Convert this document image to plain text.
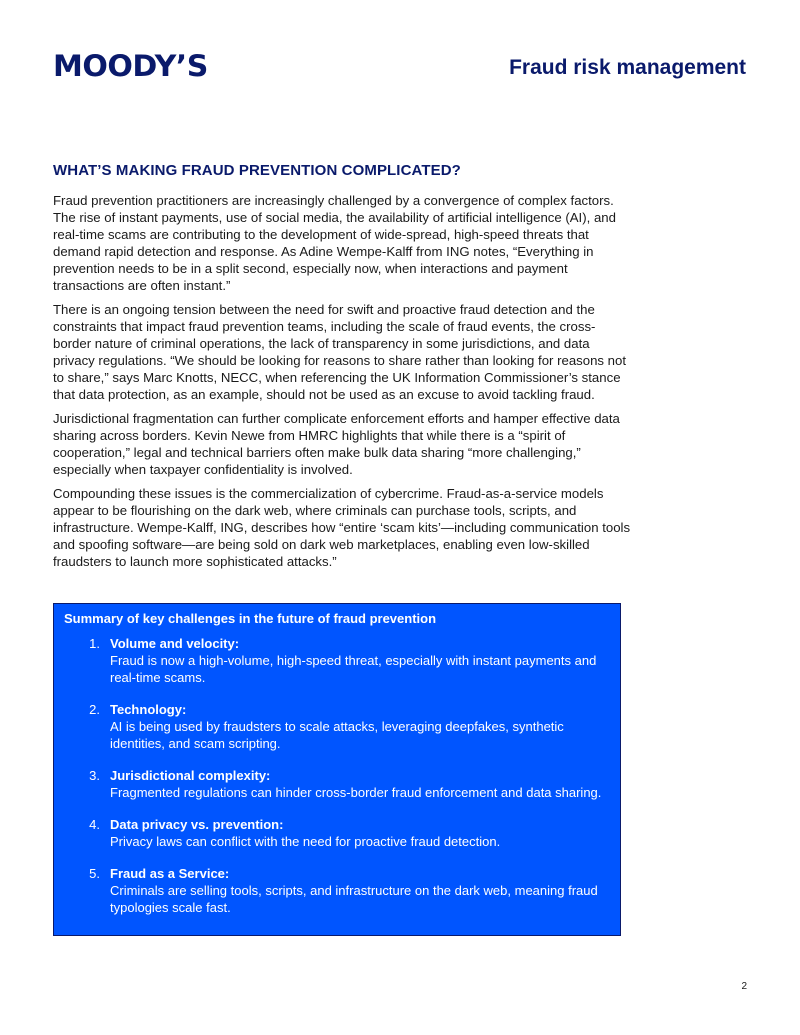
MOODY’S	Fraud risk management
WHAT’S MAKING FRAUD PREVENTION COMPLICATED?

Fraud prevention practitioners are increasingly challenged by a convergence of complex factors. The rise of instant payments, use of social media, the availability of artificial intelligence (AI), and real-time scams are contributing to the development of wide-spread, high-speed threats that demand rapid detection and response. As Adine Wempe-Kalff from ING notes, “Everything in prevention needs to be in a split second, especially now, when interactions and payment transactions are often instant.”

There is an ongoing tension between the need for swift and proactive fraud detection and the constraints that impact fraud prevention teams, including the scale of fraud events, the cross-border nature of criminal operations, the lack of transparency in some jurisdictions, and data privacy regulations. “We should be looking for reasons to share rather than looking for reasons not to share,” says Marc Knotts, NECC, when referencing the UK Information Commissioner’s stance that data protection, as an example, should not be used as an excuse to avoid tackling fraud.

Jurisdictional fragmentation can further complicate enforcement efforts and hamper effective data sharing across borders. Kevin Newe from HMRC highlights that while there is a “spirit of cooperation,” legal and technical barriers often make bulk data sharing “more challenging,” especially when taxpayer confidentiality is involved.

Compounding these issues is the commercialization of cybercrime. Fraud-as-a-service models appear to be flourishing on the dark web, where criminals can purchase tools, scripts, and infrastructure. Wempe-Kalff, ING, describes how “entire ‘scam kits’—including communication tools and spoofing software—are being sold on dark web marketplaces, enabling even low-skilled fraudsters to launch more sophisticated attacks.”

Summary of key challenges in the future of fraud prevention
1. Volume and velocity:
Fraud is now a high-volume, high-speed threat, especially with instant payments and real-time scams.
2. Technology:
AI is being used by fraudsters to scale attacks, leveraging deepfakes, synthetic identities, and scam scripting.
3. Jurisdictional complexity:
Fragmented regulations can hinder cross-border fraud enforcement and data sharing.
4. Data privacy vs. prevention:
Privacy laws can conflict with the need for proactive fraud detection.
5. Fraud as a Service:
Criminals are selling tools, scripts, and infrastructure on the dark web, meaning fraud typologies scale fast.
2
